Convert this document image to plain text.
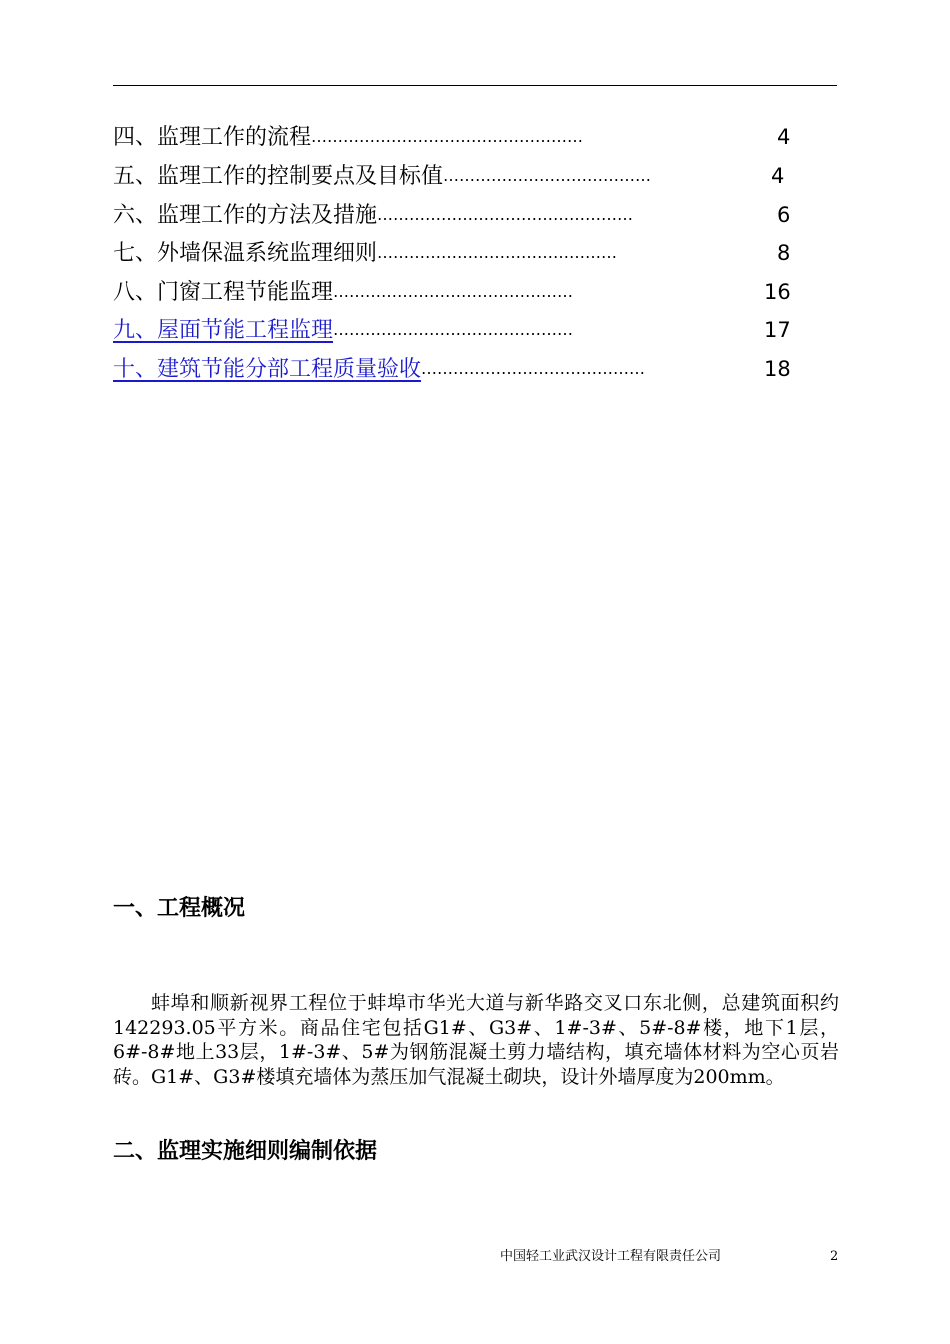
四、监理工作的流程……………………………………………	4
五、监理工作的控制要点及目标值…………………………………	4
六、监理工作的方法及措施…………………………………………	6
七、外墙保温系统监理细则………………………………………	8
八、门窗工程节能监理………………………………………	16
九、屋面节能工程监理………………………………………	17
十、建筑节能分部工程质量验收……………………………………	18
一、工程概况
蚌埠和顺新视界工程位于蚌埠市华光大道与新华路交叉口东北侧，总建筑面积约142293.05平方米。商品住宅包括G1#、G3#、1#-3#、5#-8#楼，地下1层，6#-8#地上33层，1#-3#、5#为钢筋混凝土剪力墙结构，填充墙体材料为空心页岩砖。G1#、G3#楼填充墙体为蒸压加气混凝土砌块，设计外墙厚度为200mm。
二、监理实施细则编制依据
中国轻工业武汉设计工程有限责任公司	2
